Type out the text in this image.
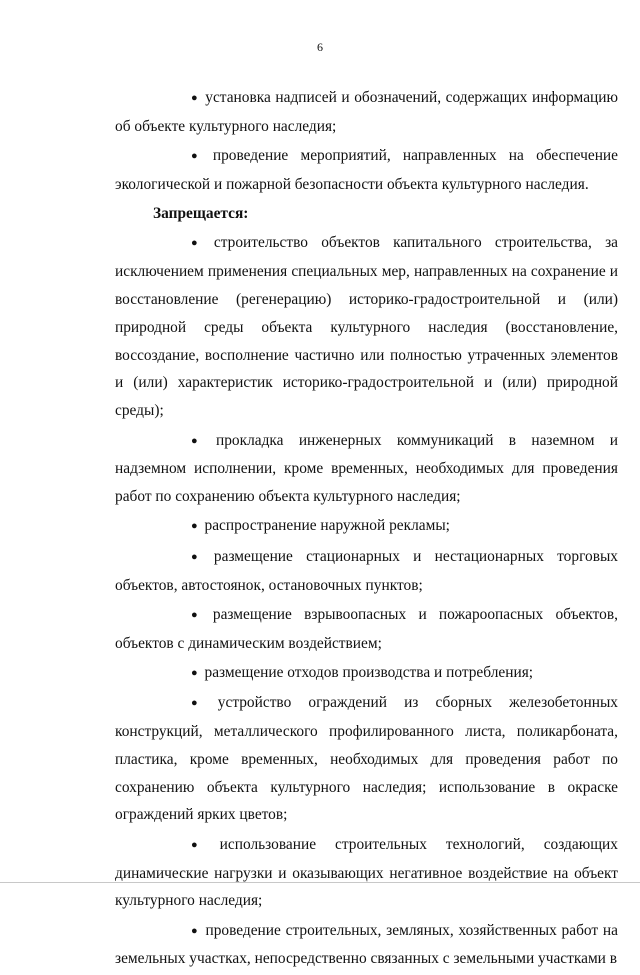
6

● установка надписей и обозначений, содержащих информацию об объекте культурного наследия;

● проведение мероприятий, направленных на обеспечение экологической и пожарной безопасности объекта культурного наследия.

Запрещается:

● строительство объектов капитального строительства, за исключением применения специальных мер, направленных на сохранение и восстановление (регенерацию) историко-градостроительной и (или) природной среды объекта культурного наследия (восстановление, воссоздание, восполнение частично или полностью утраченных элементов и (или) характеристик историко-градостроительной и (или) природной среды);

● прокладка инженерных коммуникаций в наземном и надземном исполнении, кроме временных, необходимых для проведения работ по сохранению объекта культурного наследия;

● распространение наружной рекламы;

● размещение стационарных и нестационарных торговых объектов, автостоянок, остановочных пунктов;

● размещение взрывоопасных и пожароопасных объектов, объектов с динамическим воздействием;

● размещение отходов производства и потребления;

● устройство ограждений из сборных железобетонных конструкций, металлического профилированного листа, поликарбоната, пластика, кроме временных, необходимых для проведения работ по сохранению объекта культурного наследия; использование в окраске ограждений ярких цветов;

● использование строительных технологий, создающих динамические нагрузки и оказывающих негативное воздействие на объект культурного наследия;

● проведение строительных, земляных, хозяйственных работ на земельных участках, непосредственно связанных с земельными участками в
